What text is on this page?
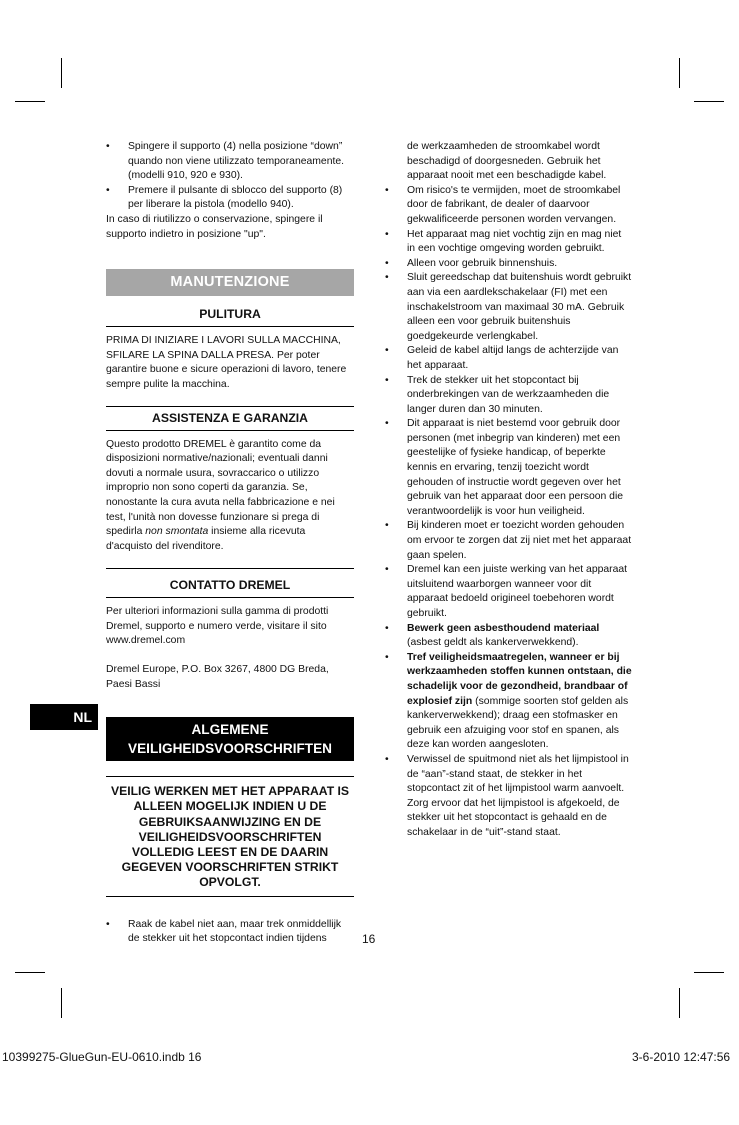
• Spingere il supporto (4) nella posizione “down” quando non viene utilizzato temporaneamente. (modelli 910, 920 e 930).

• Premere il pulsante di sblocco del supporto (8) per liberare la pistola (modello 940).

In caso di riutilizzo o conservazione, spingere il supporto indietro in posizione "up".

MANUTENZIONE
PULITURA

PRIMA DI INIZIARE I LAVORI SULLA MACCHINA, SFILARE LA SPINA DALLA PRESA. Per poter garantire buone e sicure operazioni di lavoro, tenere sempre pulite la macchina.

ASSISTENZA E GARANZIA

Questo prodotto DREMEL è garantito come da disposizioni normative/nazionali; eventuali danni dovuti a normale usura, sovraccarico o utilizzo improprio non sono coperti da garanzia. Se, nonostante la cura avuta nella fabbricazione e nei test, l'unità non dovesse funzionare si prega di spedirla non smontata insieme alla ricevuta d'acquisto del rivenditore.

CONTATTO DREMEL

Per ulteriori informazioni sulla gamma di prodotti Dremel, supporto e numero verde, visitare il sito www.dremel.com

Dremel Europe, P.O. Box 3267, 4800 DG Breda, Paesi Bassi

ALGEMENE VEILIGHEIDSVOORSCHRIFTEN
VEILIG WERKEN MET HET APPARAAT IS ALLEEN MOGELIJK INDIEN U DE GEBRUIKSAANWIJZING EN DE VEILIGHEIDSVOORSCHRIFTEN VOLLEDIG LEEST EN DE DAARIN GEGEVEN VOORSCHRIFTEN STRIKT OPVOLGT.

• Raak de kabel niet aan, maar trek onmiddellijk de stekker uit het stopcontact indien tijdens

NL

de werkzaamheden de stroomkabel wordt beschadigd of doorgesneden. Gebruik het apparaat nooit met een beschadigde kabel.

• Om risico's te vermijden, moet de stroomkabel door de fabrikant, de dealer of daarvoor gekwalificeerde personen worden vervangen.

• Het apparaat mag niet vochtig zijn en mag niet in een vochtige omgeving worden gebruikt.

• Alleen voor gebruik binnenshuis.

• Sluit gereedschap dat buitenshuis wordt gebruikt aan via een aardlekschakelaar (FI) met een inschakelstroom van maximaal 30 mA. Gebruik alleen een voor gebruik buitenshuis goedgekeurde verlengkabel.

• Geleid de kabel altijd langs de achterzijde van het apparaat.

• Trek de stekker uit het stopcontact bij onderbrekingen van de werkzaamheden die langer duren dan 30 minuten.

• Dit apparaat is niet bestemd voor gebruik door personen (met inbegrip van kinderen) met een geestelijke of fysieke handicap, of beperkte kennis en ervaring, tenzij toezicht wordt gehouden of instructie wordt gegeven over het gebruik van het apparaat door een persoon die verantwoordelijk is voor hun veiligheid.

• Bij kinderen moet er toezicht worden gehouden om ervoor te zorgen dat zij niet met het apparaat gaan spelen.

• Dremel kan een juiste werking van het apparaat uitsluitend waarborgen wanneer voor dit apparaat bedoeld origineel toebehoren wordt gebruikt.

• Bewerk geen asbesthoudend materiaal (asbest geldt als kankerverwekkend).

• Tref veiligheidsmaatregelen, wanneer er bij werkzaamheden stoffen kunnen ontstaan, die schadelijk voor de gezondheid, brandbaar of explosief zijn (sommige soorten stof gelden als kankerverwekkend); draag een stofmasker en gebruik een afzuiging voor stof en spanen, als deze kan worden aangesloten.

• Verwissel de spuitmond niet als het lijmpistool in de “aan”-stand staat, de stekker in het stopcontact zit of het lijmpistool warm aanvoelt. Zorg ervoor dat het lijmpistool is afgekoeld, de stekker uit het stopcontact is gehaald en de schakelaar in de “uit”-stand staat.

16
10399275-GlueGun-EU-0610.indb 16	3-6-2010 12:47:56
